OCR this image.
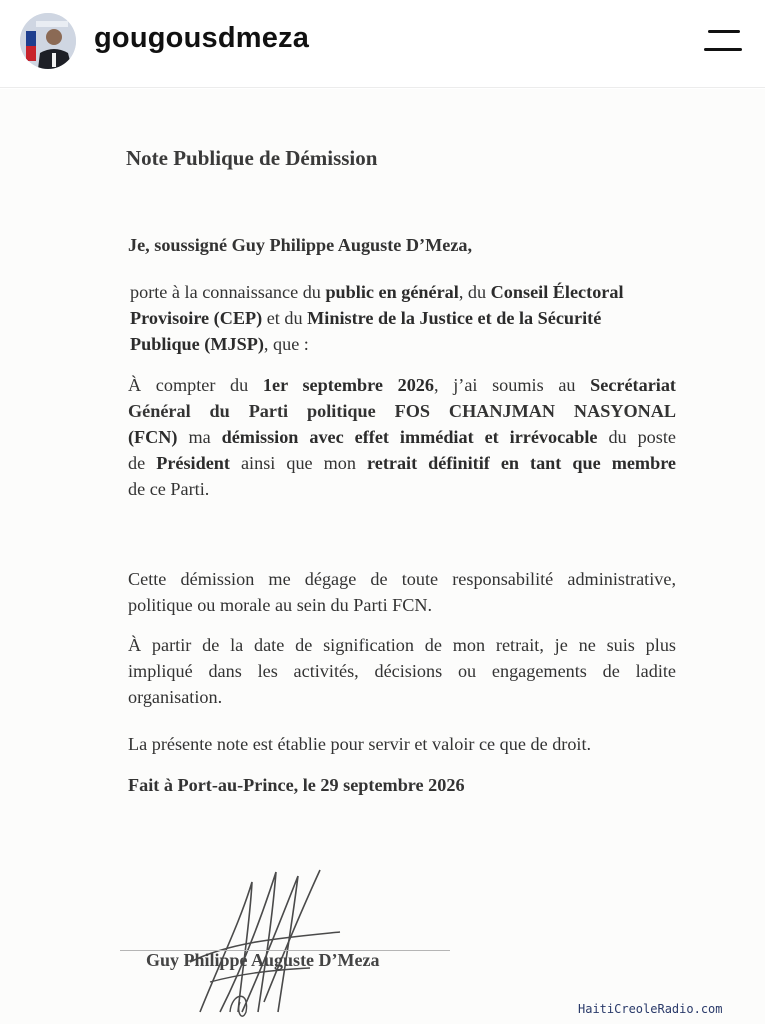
gougousdmeza
Note Publique de Démission
Je, soussigné Guy Philippe Auguste D’Meza,
porte à la connaissance du public en général, du Conseil Électoral
Provisoire (CEP) et du Ministre de la Justice et de la Sécurité
Publique (MJSP), que :
À compter du 1er septembre 2026, j’ai soumis au Secrétariat
Général du Parti politique FOS CHANJMAN NASYONAL
(FCN) ma démission avec effet immédiat et irrévocable du poste
de Président ainsi que mon retrait définitif en tant que membre
de ce Parti.
Cette démission me dégage de toute responsabilité administrative,
politique ou morale au sein du Parti FCN.
À partir de la date de signification de mon retrait, je ne suis plus
impliqué dans les activités, décisions ou engagements de ladite
organisation.
La présente note est établie pour servir et valoir ce que de droit.
Fait à Port-au-Prince, le 29 septembre 2026
Guy Philippe Auguste D’Meza
HaitiCreoleRadio.com
